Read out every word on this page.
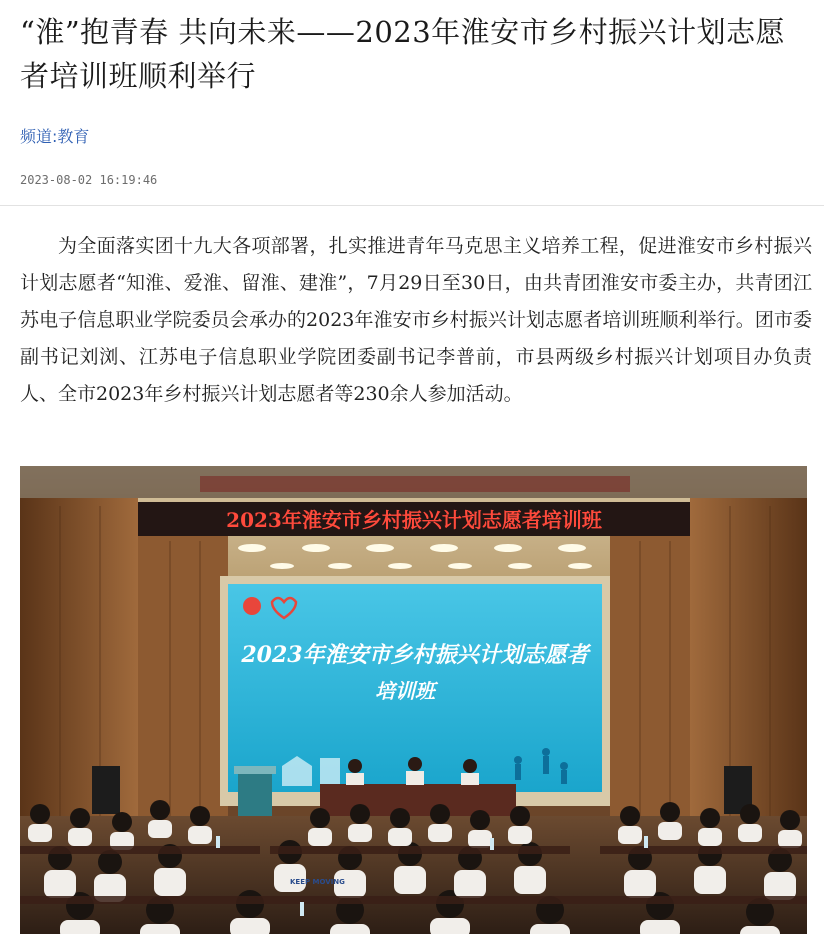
“淮”抱青春 共向未来——2023年淮安市乡村振兴计划志愿者培训班顺利举行
频道:教育
2023-08-02 16:19:46

为全面落实团十九大各项部署，扎实推进青年马克思主义培养工程，促进淮安市乡村振兴计划志愿者“知淮、爱淮、留淮、建淮”，7月29日至30日，由共青团淮安市委主办，共青团江苏电子信息职业学院委员会承办的2023年淮安市乡村振兴计划志愿者培训班顺利举行。团市委副书记刘浏、江苏电子信息职业学院团委副书记李普前，市县两级乡村振兴计划项目办负责人、全市2023年乡村振兴计划志愿者等230余人参加活动。

2023年淮安市乡村振兴计划志愿者培训班
2023年淮安市乡村振兴计划志愿者
培训班
KEEP MOVING
